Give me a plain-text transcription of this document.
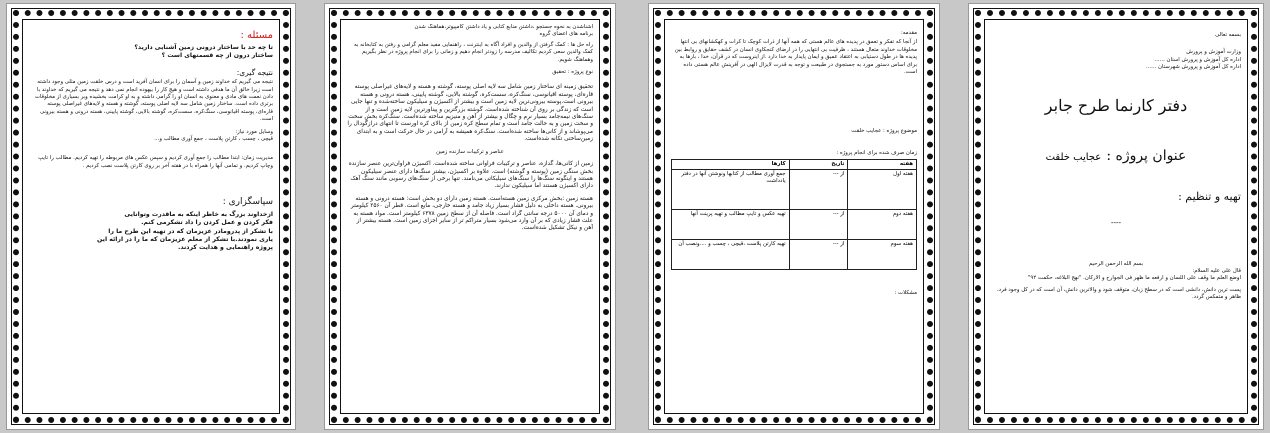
مسئله :
تا چه حد با ساختار درونی زمین آشنایی دارید؟
ساختار درون از چه قسمتهای است ؟
نتیجه گیری:
نتیجه می گیریم که خداوند زمین و آسمان را برای انسان آفرید است و درس خلقت زمین مثلی وجود داشته است زیرا خالق آن ما هدفی داشته است و هیچ کار را بیهوده انجام نمی دهد و نتیجه می گیریم که خداوند با دادن نعمت های مادی و معنوی به انسان او را گرامی داشته و به او کرامت بخشیده وبر بسیاری از مخلوقات برتری داده است. ساختار زمین شامل سه لایه اصلی پوسته، گوشته و هسته و لایه‌های غیراصلی پوسته قاره‌ای، پوسته اقیانوسی، سنگ‌کره، سست‌کره، گوشته بالایی، گوشته پایینی، هسته درونی و هسته بیرونی است.
وسایل مورد نیاز:
قیچی ، چسب ، کارتن پلاست ، جمع آوری مطالب و...
مدیریت زمان: ابتدا مطالب را جمع آوری کردیم و سپس عکس های مربوطه را تهیه کردیم. مطالب را تایپ وچاپ کردیم. و تمامی آنها را همراه با در هفته آخر بر روی کارتن پلاست نصب کردیم .
سپاسگزاری :
ازخداوند بزرگ به خاطر اینکه به ماقدرت وتوانایی
فکر کردن و عمل کردن را داد تشکرمی کنم.
با تشکر از پدرومادر عزیزمان که در تهیه این طرح ما را
یاری نمودند.با تشکر از معلم عزیزمان که ما را در ارائه این
پروژه راهنمایی و هدایت کردند.
آشناشدن به نحوه جستجو ،داشتن منابع کتابی و یاد داشتن کامپیوتر،هماهنگ شدن
برنامه های اعضای گروه
راه حل ها : کمک گرفتن از والدین و افراد آگاه به اینترنت ، راهنمایی مفید معلم گرامی و رفتن به کتابخانه به کمک والدین سعی کردیم تکالیف مدرسه را زودتر انجام دهیم و زمانی را برای انجام پروژه در نظر بگیریم وهماهنگ شویم.
نوع پروژه : تحقیق
تحقیق زمینه ای ساختار زمین شامل سه لایه اصلی پوسته، گوشته و هسته و لایه‌های غیراصلی پوسته قاره‌ای، پوسته اقیانوسی، سنگ‌کره، سست‌کره، گوشته بالایی، گوشته پایینی، هسته درونی و هسته بیرونی است.پوسته بیرونی‌ترین لایه زمین است و بیشتر از اکسیژن و سیلیکون ساخته‌شده و تنها جایی است که زندگی بر روی آن شناخته شده‌است. گوشته بزرگترین و پیناورترین لایه زمین است و از سنگ‌های نیمه‌جامد بسیار نرم و چگال و بیشتر از آهن و منیزیم ساخته شده‌است. سنگ‌کره بخش سخت و سخت زمین و به حالت جامد است و تمام سطح کره زمین از بالای کره اورست تا انتهای درازگودال را می‌پوشاند و از کانی‌ها ساخته شده‌است. سنگ‌کره همیشه به آرامی در حال حرکت است و به ابتدای زمین‌ساختی تکانه شده‌است.
عناصر و ترکیبات سازنده زمین
زمین از کانی‌ها، گدازه، عناصر و ترکیبات فراوانی ساخته شده‌است. اکسیژن فراوان‌ترین عنصر سازنده بخش سنگی زمین (پوسته و گوشته) است. علاوه بر اکسیژن، بیشتر سنگ‌ها دارای عنصر سیلیکون هستند و اینگونه سنگ‌ها را سنگ‌های سیلیکاتی می‌نامند. تنها برخی از سنگ‌های رسوبی مانند سنگ آهک دارای اکسیژن هستند اما سیلیکون ندارند.
هسته زمین :بخش مرکزی زمین هسته‌است. هسته زمین دارای دو بخش است: هسته درونی و هسته بیرونی. هسته داخلی به دلیل فشار بسیار زیاد جامد و هسته خارجی، مایع است. قطر آن ۲۵۶۰ کیلومتر و دمای آن ۵۰۰۰ درجه سانتی گراد است. فاصله آن از سطح زمین ۶۳۷۸ کیلومتر است. مواد هسته به علت فشار زیادی که بر آن وارد می‌شود بسیار متراکم تر از سایر اجزای زمین است. هسته بیشتر از آهن و نیکل تشکیل شده‌است.
مقدمه:
از آنجا که تفکر و تعمق در پدیده های عالم هستی که همه آنها از ذرات کوچک تا کرات و کهکشانهای بی انتها مخلوقات خداوند متعال هستند ، ظرفیت بی انتهایی را در ارضای کنجکاوی انسان در کشف حقایق و روابط بین پدیده ها در طول دستیابی به اعتقاد عمیق و ایمان پایدار به خدا دارد .از اینروست که در قرآن، خدا ، بارها به برای اساس دستور مورد به جستجوی در طبیعت و توجه به قدرت لایزال الهی در آفرینش عالم هستی داده است.
موضوع پروژه : عجایب خلقت
زمان صرف شده برای انجام پروژه :
هفته	تاریخ	کارها
هفته اول	از ---	جمع آوری مطالب از کتابها ونوشتن آنها در دفتر یادداشت
هفته دوم	از ---	تهیه عکس و تایپ مطالب و تهیه پرینت آنها
هفته سوم	از ---	تهیه کارتن پلاست ،قیچی ، چسب و ....ونصب آن
مشکلات :
بسمه تعالی
وزارت آموزش و پرورش
اداره کل آموزش و پرورش استان ......
اداره کل آموزش و پرورش شهرستان ......
دفتر کارنما طرح جابر
عنوان پروژه : عجایب خلقت
تهیه و تنظیم :
----
بسم الله الرحمن الرحیم
قال علی علیه السلام:
اوضع العلم ما وقف علی اللسان و ارفعه ما ظهر فی الجوارح و الارکان. "نهج البلاغه، حکمت ۹۲"
پست ترین دانش، دانشی است که در سطح زبان، متوقف شود و والاترین دانش، آن است که در کل وجود فرد، ظاهر و متمکس گردد.
